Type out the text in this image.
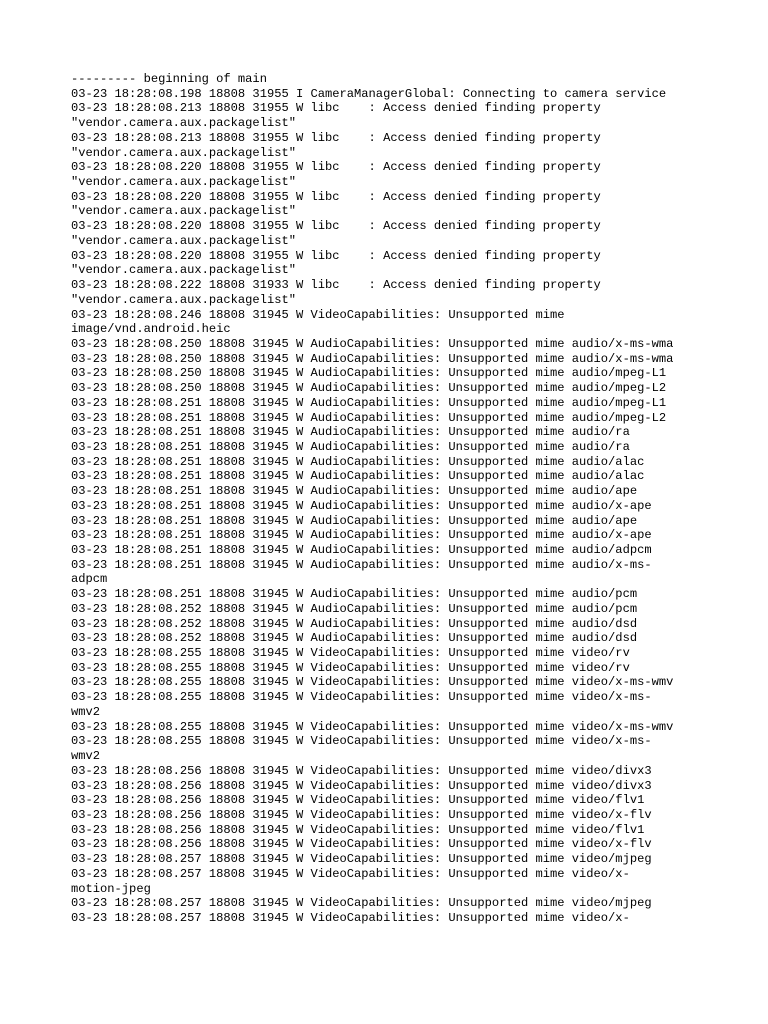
--------- beginning of main
03-23 18:28:08.198 18808 31955 I CameraManagerGlobal: Connecting to camera service
03-23 18:28:08.213 18808 31955 W libc    : Access denied finding property
"vendor.camera.aux.packagelist"
03-23 18:28:08.213 18808 31955 W libc    : Access denied finding property
"vendor.camera.aux.packagelist"
03-23 18:28:08.220 18808 31955 W libc    : Access denied finding property
"vendor.camera.aux.packagelist"
03-23 18:28:08.220 18808 31955 W libc    : Access denied finding property
"vendor.camera.aux.packagelist"
03-23 18:28:08.220 18808 31955 W libc    : Access denied finding property
"vendor.camera.aux.packagelist"
03-23 18:28:08.220 18808 31955 W libc    : Access denied finding property
"vendor.camera.aux.packagelist"
03-23 18:28:08.222 18808 31933 W libc    : Access denied finding property
"vendor.camera.aux.packagelist"
03-23 18:28:08.246 18808 31945 W VideoCapabilities: Unsupported mime
image/vnd.android.heic
03-23 18:28:08.250 18808 31945 W AudioCapabilities: Unsupported mime audio/x-ms-wma
03-23 18:28:08.250 18808 31945 W AudioCapabilities: Unsupported mime audio/x-ms-wma
03-23 18:28:08.250 18808 31945 W AudioCapabilities: Unsupported mime audio/mpeg-L1
03-23 18:28:08.250 18808 31945 W AudioCapabilities: Unsupported mime audio/mpeg-L2
03-23 18:28:08.251 18808 31945 W AudioCapabilities: Unsupported mime audio/mpeg-L1
03-23 18:28:08.251 18808 31945 W AudioCapabilities: Unsupported mime audio/mpeg-L2
03-23 18:28:08.251 18808 31945 W AudioCapabilities: Unsupported mime audio/ra
03-23 18:28:08.251 18808 31945 W AudioCapabilities: Unsupported mime audio/ra
03-23 18:28:08.251 18808 31945 W AudioCapabilities: Unsupported mime audio/alac
03-23 18:28:08.251 18808 31945 W AudioCapabilities: Unsupported mime audio/alac
03-23 18:28:08.251 18808 31945 W AudioCapabilities: Unsupported mime audio/ape
03-23 18:28:08.251 18808 31945 W AudioCapabilities: Unsupported mime audio/x-ape
03-23 18:28:08.251 18808 31945 W AudioCapabilities: Unsupported mime audio/ape
03-23 18:28:08.251 18808 31945 W AudioCapabilities: Unsupported mime audio/x-ape
03-23 18:28:08.251 18808 31945 W AudioCapabilities: Unsupported mime audio/adpcm
03-23 18:28:08.251 18808 31945 W AudioCapabilities: Unsupported mime audio/x-ms-
adpcm
03-23 18:28:08.251 18808 31945 W AudioCapabilities: Unsupported mime audio/pcm
03-23 18:28:08.252 18808 31945 W AudioCapabilities: Unsupported mime audio/pcm
03-23 18:28:08.252 18808 31945 W AudioCapabilities: Unsupported mime audio/dsd
03-23 18:28:08.252 18808 31945 W AudioCapabilities: Unsupported mime audio/dsd
03-23 18:28:08.255 18808 31945 W VideoCapabilities: Unsupported mime video/rv
03-23 18:28:08.255 18808 31945 W VideoCapabilities: Unsupported mime video/rv
03-23 18:28:08.255 18808 31945 W VideoCapabilities: Unsupported mime video/x-ms-wmv
03-23 18:28:08.255 18808 31945 W VideoCapabilities: Unsupported mime video/x-ms-
wmv2
03-23 18:28:08.255 18808 31945 W VideoCapabilities: Unsupported mime video/x-ms-wmv
03-23 18:28:08.255 18808 31945 W VideoCapabilities: Unsupported mime video/x-ms-
wmv2
03-23 18:28:08.256 18808 31945 W VideoCapabilities: Unsupported mime video/divx3
03-23 18:28:08.256 18808 31945 W VideoCapabilities: Unsupported mime video/divx3
03-23 18:28:08.256 18808 31945 W VideoCapabilities: Unsupported mime video/flv1
03-23 18:28:08.256 18808 31945 W VideoCapabilities: Unsupported mime video/x-flv
03-23 18:28:08.256 18808 31945 W VideoCapabilities: Unsupported mime video/flv1
03-23 18:28:08.256 18808 31945 W VideoCapabilities: Unsupported mime video/x-flv
03-23 18:28:08.257 18808 31945 W VideoCapabilities: Unsupported mime video/mjpeg
03-23 18:28:08.257 18808 31945 W VideoCapabilities: Unsupported mime video/x-
motion-jpeg
03-23 18:28:08.257 18808 31945 W VideoCapabilities: Unsupported mime video/mjpeg
03-23 18:28:08.257 18808 31945 W VideoCapabilities: Unsupported mime video/x-
